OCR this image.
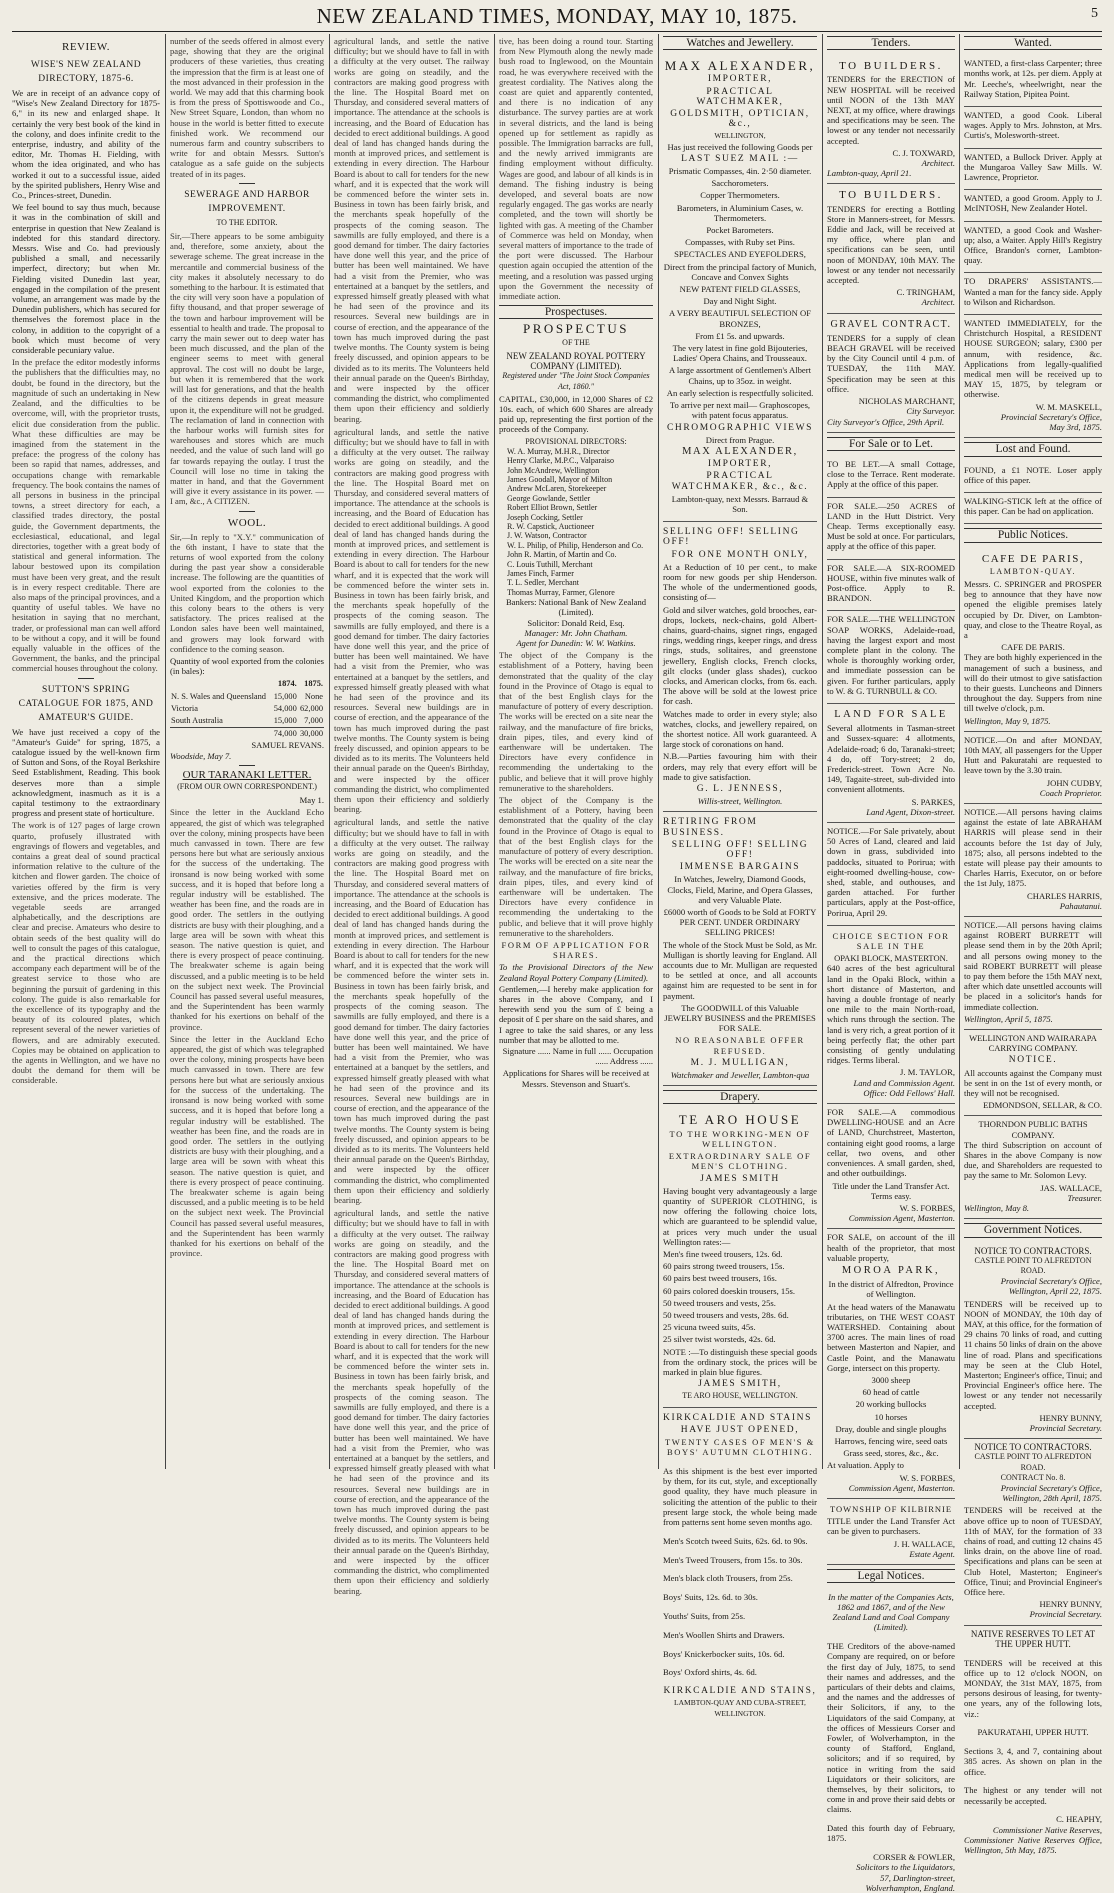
NEW ZEALAND TIMES, MONDAY, MAY 10, 1875.	5
REVIEW.
WISE'S NEW ZEALAND DIRECTORY, 1875-6.

We are in receipt of an advance copy of "Wise's New Zealand Directory for 1875-6," in its new and enlarged shape. It certainly the very best book of the kind in the colony, and does infinite credit to the enterprise, industry, and ability of the editor, Mr. Thomas H. Fielding, with whom the idea originated, and who has worked it out to a successful issue, aided by the spirited publishers, Henry Wise and Co., Princes-street, Dunedin.

We feel bound to say thus much, because it was in the combination of skill and enterprise in question that New Zealand is indebted for this standard directory. Messrs. Wise and Co. had previously published a small, and necessarily imperfect, directory; but when Mr. Fielding visited Dunedin last year, engaged in the compilation of the present volume, an arrangement was made by the Dunedin publishers, which has secured for themselves the foremost place in the colony, in addition to the copyright of a book which must become of very considerable pecuniary value.

In the preface the editor modestly informs the publishers that the difficulties may, no doubt, be found in the directory, but the magnitude of such an undertaking in New Zealand, and the difficulties to be overcome, will, with the proprietor trusts, elicit due consideration from the public. What these difficulties are may be imagined from the statement in the preface: the progress of the colony has been so rapid that names, addresses, and occupations change with remarkable frequency. The book contains the names of all persons in business in the principal towns, a street directory for each, a classified trades directory, the postal guide, the Government departments, the ecclesiastical, educational, and legal directories, together with a great body of statistical and general information. The labour bestowed upon its compilation must have been very great, and the result is in every respect creditable. There are also maps of the principal provinces, and a quantity of useful tables. We have no hesitation in saying that no merchant, trader, or professional man can well afford to be without a copy, and it will be found equally valuable in the offices of the Government, the banks, and the principal commercial houses throughout the colony.

SUTTON'S SPRING CATALOGUE FOR 1875, AND AMATEUR'S GUIDE.

We have just received a copy of the "Amateur's Guide" for spring, 1875, a catalogue issued by the well-known firm of Sutton and Sons, of the Royal Berkshire Seed Establishment, Reading. This book deserves more than a simple acknowledgment, inasmuch as it is a capital testimony to the extraordinary progress and present state of horticulture.

The work is of 127 pages of large crown quarto, profusely illustrated with engravings of flowers and vegetables, and contains a great deal of sound practical information relative to the culture of the kitchen and flower garden. The choice of varieties offered by the firm is very extensive, and the prices moderate. The vegetable seeds are arranged alphabetically, and the descriptions are clear and precise. Amateurs who desire to obtain seeds of the best quality will do well to consult the pages of this catalogue, and the practical directions which accompany each department will be of the greatest service to those who are beginning the pursuit of gardening in this colony. The guide is also remarkable for the excellence of its typography and the beauty of its coloured plates, which represent several of the newer varieties of flowers, and are admirably executed. Copies may be obtained on application to the agents in Wellington, and we have no doubt the demand for them will be considerable.

number of the seeds offered in almost every page, showing that they are the original producers of these varieties, thus creating the impression that the firm is at least one of the most advanced in their profession in the world. We may add that this charming book is from the press of Spottiswoode and Co., New Street Square, London, than whom no house in the world is better fitted to execute finished work. We recommend our numerous farm and country subscribers to write for and obtain Messrs. Sutton's catalogue as a safe guide on the subjects treated of in its pages.

SEWERAGE AND HARBOR IMPROVEMENT.
TO THE EDITOR.

Sir,—There appears to be some ambiguity and, therefore, some anxiety, about the sewerage scheme. The great increase in the mercantile and commercial business of the city makes it absolutely necessary to do something to the harbour. It is estimated that the city will very soon have a population of fifty thousand, and that proper sewerage of the town and harbour improvement will be essential to health and trade. The proposal to carry the main sewer out to deep water has been much discussed, and the plan of the engineer seems to meet with general approval. The cost will no doubt be large, but when it is remembered that the work will last for generations, and that the health of the citizens depends in great measure upon it, the expenditure will not be grudged. The reclamation of land in connection with the harbour works will furnish sites for warehouses and stores which are much needed, and the value of such land will go far towards repaying the outlay. I trust the Council will lose no time in taking the matter in hand, and that the Government will give it every assistance in its power. — I am, &c., A CITIZEN.

WOOL.

Sir,—In reply to "X.Y." communication of the 6th instant, I have to state that the returns of wool exported from the colony during the past year show a considerable increase. The following are the quantities of wool exported from the colonies to the United Kingdom, and the proportion which this colony bears to the others is very satisfactory. The prices realised at the London sales have been well maintained, and growers may look forward with confidence to the coming season.

Quantity of wool exported from the colonies (in bales):

	1874.	1875.
N. S. Wales and Queensland	15,000	None
Victoria	54,000	62,000
South Australia	15,000	7,000
	74,000	30,000
SAMUEL REVANS.
Woodside, May 7.
OUR TARANAKI LETTER.
(FROM OUR OWN CORRESPONDENT.)
May 1.

Since the letter in the Auckland Echo appeared, the gist of which was telegraphed over the colony, mining prospects have been much canvassed in town. There are few persons here but what are seriously anxious for the success of the undertaking. The ironsand is now being worked with some success, and it is hoped that before long a regular industry will be established. The weather has been fine, and the roads are in good order. The settlers in the outlying districts are busy with their ploughing, and a large area will be sown with wheat this season. The native question is quiet, and there is every prospect of peace continuing. The breakwater scheme is again being discussed, and a public meeting is to be held on the subject next week. The Provincial Council has passed several useful measures, and the Superintendent has been warmly thanked for his exertions on behalf of the province.

Since the letter in the Auckland Echo appeared, the gist of which was telegraphed over the colony, mining prospects have been much canvassed in town. There are few persons here but what are seriously anxious for the success of the undertaking. The ironsand is now being worked with some success, and it is hoped that before long a regular industry will be established. The weather has been fine, and the roads are in good order. The settlers in the outlying districts are busy with their ploughing, and a large area will be sown with wheat this season. The native question is quiet, and there is every prospect of peace continuing. The breakwater scheme is again being discussed, and a public meeting is to be held on the subject next week. The Provincial Council has passed several useful measures, and the Superintendent has been warmly thanked for his exertions on behalf of the province.

agricultural lands, and settle the native difficulty; but we should have to fall in with a difficulty at the very outset. The railway works are going on steadily, and the contractors are making good progress with the line. The Hospital Board met on Thursday, and considered several matters of importance. The attendance at the schools is increasing, and the Board of Education has decided to erect additional buildings. A good deal of land has changed hands during the month at improved prices, and settlement is extending in every direction. The Harbour Board is about to call for tenders for the new wharf, and it is expected that the work will be commenced before the winter sets in. Business in town has been fairly brisk, and the merchants speak hopefully of the prospects of the coming season. The sawmills are fully employed, and there is a good demand for timber. The dairy factories have done well this year, and the price of butter has been well maintained. We have had a visit from the Premier, who was entertained at a banquet by the settlers, and expressed himself greatly pleased with what he had seen of the province and its resources. Several new buildings are in course of erection, and the appearance of the town has much improved during the past twelve months. The County system is being freely discussed, and opinion appears to be divided as to its merits. The Volunteers held their annual parade on the Queen's Birthday, and were inspected by the officer commanding the district, who complimented them upon their efficiency and soldierly bearing.

agricultural lands, and settle the native difficulty; but we should have to fall in with a difficulty at the very outset. The railway works are going on steadily, and the contractors are making good progress with the line. The Hospital Board met on Thursday, and considered several matters of importance. The attendance at the schools is increasing, and the Board of Education has decided to erect additional buildings. A good deal of land has changed hands during the month at improved prices, and settlement is extending in every direction. The Harbour Board is about to call for tenders for the new wharf, and it is expected that the work will be commenced before the winter sets in. Business in town has been fairly brisk, and the merchants speak hopefully of the prospects of the coming season. The sawmills are fully employed, and there is a good demand for timber. The dairy factories have done well this year, and the price of butter has been well maintained. We have had a visit from the Premier, who was entertained at a banquet by the settlers, and expressed himself greatly pleased with what he had seen of the province and its resources. Several new buildings are in course of erection, and the appearance of the town has much improved during the past twelve months. The County system is being freely discussed, and opinion appears to be divided as to its merits. The Volunteers held their annual parade on the Queen's Birthday, and were inspected by the officer commanding the district, who complimented them upon their efficiency and soldierly bearing.

agricultural lands, and settle the native difficulty; but we should have to fall in with a difficulty at the very outset. The railway works are going on steadily, and the contractors are making good progress with the line. The Hospital Board met on Thursday, and considered several matters of importance. The attendance at the schools is increasing, and the Board of Education has decided to erect additional buildings. A good deal of land has changed hands during the month at improved prices, and settlement is extending in every direction. The Harbour Board is about to call for tenders for the new wharf, and it is expected that the work will be commenced before the winter sets in. Business in town has been fairly brisk, and the merchants speak hopefully of the prospects of the coming season. The sawmills are fully employed, and there is a good demand for timber. The dairy factories have done well this year, and the price of butter has been well maintained. We have had a visit from the Premier, who was entertained at a banquet by the settlers, and expressed himself greatly pleased with what he had seen of the province and its resources. Several new buildings are in course of erection, and the appearance of the town has much improved during the past twelve months. The County system is being freely discussed, and opinion appears to be divided as to its merits. The Volunteers held their annual parade on the Queen's Birthday, and were inspected by the officer commanding the district, who complimented them upon their efficiency and soldierly bearing.

agricultural lands, and settle the native difficulty; but we should have to fall in with a difficulty at the very outset. The railway works are going on steadily, and the contractors are making good progress with the line. The Hospital Board met on Thursday, and considered several matters of importance. The attendance at the schools is increasing, and the Board of Education has decided to erect additional buildings. A good deal of land has changed hands during the month at improved prices, and settlement is extending in every direction. The Harbour Board is about to call for tenders for the new wharf, and it is expected that the work will be commenced before the winter sets in. Business in town has been fairly brisk, and the merchants speak hopefully of the prospects of the coming season. The sawmills are fully employed, and there is a good demand for timber. The dairy factories have done well this year, and the price of butter has been well maintained. We have had a visit from the Premier, who was entertained at a banquet by the settlers, and expressed himself greatly pleased with what he had seen of the province and its resources. Several new buildings are in course of erection, and the appearance of the town has much improved during the past twelve months. The County system is being freely discussed, and opinion appears to be divided as to its merits. The Volunteers held their annual parade on the Queen's Birthday, and were inspected by the officer commanding the district, who complimented them upon their efficiency and soldierly bearing.

tive, has been doing a round tour. Starting from New Plymouth along the newly made bush road to Inglewood, on the Mountain road, he was everywhere received with the greatest cordiality. The Natives along the coast are quiet and apparently contented, and there is no indication of any disturbance. The survey parties are at work in several districts, and the land is being opened up for settlement as rapidly as possible. The Immigration barracks are full, and the newly arrived immigrants are finding employment without difficulty. Wages are good, and labour of all kinds is in demand. The fishing industry is being developed, and several boats are now regularly engaged. The gas works are nearly completed, and the town will shortly be lighted with gas. A meeting of the Chamber of Commerce was held on Monday, when several matters of importance to the trade of the port were discussed. The Harbour question again occupied the attention of the meeting, and a resolution was passed urging upon the Government the necessity of immediate action.

Prospectuses.
PROSPECTUS
OF THE
NEW ZEALAND ROYAL POTTERY COMPANY (LIMITED).
Registered under "The Joint Stock Companies Act, 1860."

CAPITAL, £30,000, in 12,000 Shares of £2 10s. each, of which 600 Shares are already paid up, representing the first portion of the proceeds of the Company.

PROVISIONAL DIRECTORS:
W. A. Murray, M.H.R., Director
Henry Clarke, M.P.C., Valparaiso
John McAndrew, Wellington
James Goodall, Mayor of Milton
Andrew McLaren, Storekeeper
George Gowlande, Settler
Robert Elliot Brown, Settler
Joseph Cocking, Settler
R. W. Capstick, Auctioneer
J. W. Watson, Contractor
W. L. Philip, of Philip, Henderson and Co.
John R. Martin, of Martin and Co.
C. Louis Tuthill, Merchant
James Finch, Farmer
T. L. Sedler, Merchant
Thomas Murray, Farmer, Glenore
Bankers: National Bank of New Zealand (Limited).
Solicitor: Donald Reid, Esq.
Manager: Mr. John Chatham.
Agent for Dunedin: W. W. Watkins.

The object of the Company is the establishment of a Pottery, having been demonstrated that the quality of the clay found in the Province of Otago is equal to that of the best English clays for the manufacture of pottery of every description. The works will be erected on a site near the railway, and the manufacture of fire bricks, drain pipes, tiles, and every kind of earthenware will be undertaken. The Directors have every confidence in recommending the undertaking to the public, and believe that it will prove highly remunerative to the shareholders.

The object of the Company is the establishment of a Pottery, having been demonstrated that the quality of the clay found in the Province of Otago is equal to that of the best English clays for the manufacture of pottery of every description. The works will be erected on a site near the railway, and the manufacture of fire bricks, drain pipes, tiles, and every kind of earthenware will be undertaken. The Directors have every confidence in recommending the undertaking to the public, and believe that it will prove highly remunerative to the shareholders.

FORM OF APPLICATION FOR SHARES.

To the Provisional Directors of the New Zealand Royal Pottery Company (Limited).

Gentlemen,—I hereby make application for shares in the above Company, and I herewith send you the sum of £ being a deposit of £ per share on the said shares, and I agree to take the said shares, or any less number that may be allotted to me.

Signature ...... Name in full ...... Occupation ...... Address ......

Applications for Shares will be received at Messrs. Stevenson and Stuart's.

Watches and Jewellery.
MAX ALEXANDER,
IMPORTER,
PRACTICAL WATCHMAKER,
GOLDSMITH, OPTICIAN, &c.,
WELLINGTON,

Has just received the following Goods per

LAST SUEZ MAIL :—

Prismatic Compasses, 4in. 2·50 diameter.

Sacchorometers.

Copper Thermometers.

Barometers, in Aluminium Cases, w. Thermometers.

Pocket Barometers.

Compasses, with Ruby set Pins.

SPECTACLES AND EYEFOLDERS,

Direct from the principal factory of Munich, Concave and Convex Sights

NEW PATENT FIELD GLASSES,

Day and Night Sight.

A VERY BEAUTIFUL SELECTION OF BRONZES,

From £1 5s. and upwards.

The very latest in fine gold Bijouteries, Ladies' Opera Chains, and Trousseaux.

A large assortment of Gentlemen's Albert Chains, up to 35oz. in weight.

An early selection is respectfully solicited.

To arrive per next mail— Graphoscopes, with patent focus apparatus.

CHROMOGRAPHIC VIEWS

Direct from Prague.

MAX ALEXANDER,
IMPORTER,
PRACTICAL WATCHMAKER, &c., &c.

Lambton-quay, next Messrs. Barraud & Son.

SELLING OFF! SELLING OFF!
FOR ONE MONTH ONLY,

At a Reduction of 10 per cent., to make room for new goods per ship Henderson. The whole of the undermentioned goods, consisting of—

Gold and silver watches, gold brooches, ear-drops, lockets, neck-chains, gold Albert-chains, guard-chains, signet rings, engaged rings, wedding rings, keeper rings, and dress rings, studs, solitaires, and greenstone jewellery, English clocks, French clocks, gilt clocks (under glass shades), cuckoo clocks, and American clocks, from 6s. each. The above will be sold at the lowest price for cash.

Watches made to order in every style; also watches, clocks, and jewellery repaired, on the shortest notice. All work guaranteed. A large stock of coronations on hand.

N.B.—Parties favouring him with their orders, may rely that every effort will be made to give satisfaction.

G. L. JENNESS,
Willis-street, Wellington.
RETIRING FROM BUSINESS.
SELLING OFF! SELLING OFF!
IMMENSE BARGAINS

In Watches, Jewelry, Diamond Goods, Clocks, Field, Marine, and Opera Glasses, and very Valuable Plate.

£6000 worth of Goods to be Sold at FORTY PER CENT. UNDER ORDINARY SELLING PRICES!

The whole of the Stock Must be Sold, as Mr. Mulligan is shortly leaving for England. All accounts due to Mr. Mulligan are requested to be settled at once, and all accounts against him are requested to be sent in for payment.

The GOODWILL of this Valuable JEWELRY BUSINESS and the PREMISES FOR SALE.

NO REASONABLE OFFER REFUSED.
M. J. MULLIGAN,
Watchmaker and Jeweller, Lambton-qua
Drapery.
TE ARO HOUSE
TO THE WORKING-MEN OF WELLINGTON.
EXTRAORDINARY SALE OF MEN'S CLOTHING.
JAMES SMITH

Having bought very advantageously a large quantity of SUPERIOR CLOTHING, is now offering the following choice lots, which are guaranteed to be splendid value, at prices very much under the usual Wellington rates:—

Men's fine tweed trousers, 12s. 6d.

60 pairs strong tweed trousers, 15s.

60 pairs best tweed trousers, 16s.

60 pairs colored doeskin trousers, 15s.

50 tweed trousers and vests, 25s.

50 tweed trousers and vests, 28s. 6d.

25 vicuna tweed suits, 45s.

25 silver twist worsteds, 42s. 6d.

NOTE :—To distinguish these special goods from the ordinary stock, the prices will be marked in plain blue figures.

JAMES SMITH,
TE ARO HOUSE, WELLINGTON.
KIRKCALDIE AND STAINS
HAVE JUST OPENED,
TWENTY CASES OF MEN'S & BOYS' AUTUMN CLOTHING.

As this shipment is the best ever imported by them, for its cut, style, and exceptionally good quality, they have much pleasure in soliciting the attention of the public to their present large stock, the whole being made from patterns sent home seven months ago.

Men's Scotch tweed Suits, 62s. 6d. to 90s.

Men's Tweed Trousers, from 15s. to 30s.

Men's black cloth Trousers, from 25s.

Boys' Suits, 12s. 6d. to 30s.

Youths' Suits, from 25s.

Men's Woollen Shirts and Drawers.

Boys' Knickerbocker suits, 10s. 6d.

Boys' Oxford shirts, 4s. 6d.

KIRKCALDIE AND STAINS,
LAMBTON-QUAY AND CUBA-STREET, WELLINGTON.
Tenders.
TO BUILDERS.

TENDERS for the ERECTION of NEW HOSPITAL will be received until NOON of the 13th MAY NEXT, at my office, where drawings and specifications may be seen. The lowest or any tender not necessarily accepted.

C. J. TOXWARD,
Architect.
Lambton-quay, April 21.
TO BUILDERS.

TENDERS for erecting a Bottling Store in Manners-street, for Messrs. Eddie and Jack, will be received at my office, where plan and specifications can be seen, until noon of MONDAY, 10th MAY. The lowest or any tender not necessarily accepted.

C. TRINGHAM,
Architect.
GRAVEL CONTRACT.

TENDERS for a supply of clean BEACH GRAVEL will be received by the City Council until 4 p.m. of TUESDAY, the 11th MAY. Specification may be seen at this office.

NICHOLAS MARCHANT,
City Surveyor.
City Surveyor's Office, 29th April.
For Sale or to Let.

TO BE LET.—A small Cottage, close to the Terrace. Rent moderate. Apply at the office of this paper.

FOR SALE.—250 ACRES of LAND in the Hutt District. Very Cheap. Terms exceptionally easy. Must be sold at once. For particulars, apply at the office of this paper.

FOR SALE.—A SIX-ROOMED HOUSE, within five minutes walk of Post-office. Apply to R. BRANDON.

FOR SALE.—THE WELLINGTON SOAP WORKS, Adelaide-road, having the largest export and most complete plant in the colony. The whole is thoroughly working order, and immediate possession can be given. For further particulars, apply to W. & G. TURNBULL & CO.

LAND FOR SALE

Several allotments in Tasman-street and Sussex-square: 4 allotments, Adelaide-road; 6 do, Taranaki-street; 4 do, off Tory-street; 2 do, Frederick-street. Town Acre No. 149, Tagaite-street, sub-divided into convenient allotments.

S. PARKES,
Land Agent, Dixon-street.

NOTICE.—For Sale privately, about 50 Acres of Land, cleared and laid down in grass, subdivided into paddocks, situated to Porirua; with eight-roomed dwelling-house, cow-shed, stable, and outhouses, and garden attached. For further particulars, apply at the Post-office, Porirua, April 29.

CHOICE SECTION FOR SALE IN THE
OPAKI BLOCK, MASTERTON.

640 acres of the best agricultural land in the Opaki Block, within a short distance of Masterton, and having a double frontage of nearly one mile to the main North-road, which runs through the section. The land is very rich, a great portion of it being perfectly flat; the other part consisting of gently undulating ridges. Terms liberal.

J. M. TAYLOR,
Land and Commission Agent.
Office: Odd Fellows' Hall.

FOR SALE.—A commodious DWELLING-HOUSE and an Acre of LAND, Churchstreet, Masterton, containing eight good rooms, a large cellar, two ovens, and other conveniences. A small garden, shed, and other outbuildings.

Title under the Land Transfer Act. Terms easy.

W. S. FORBES,
Commission Agent, Masterton.

FOR SALE, on account of the ill health of the proprietor, that most valuable property,

MOROA PARK,

In the district of Alfredton, Province of Wellington.

At the head waters of the Manawatu tributaries, on THE WEST COAST WATERSHED. Containing about 3700 acres. The main lines of road between Masterton and Napier, and Castle Point, and the Manawatu Gorge, intersect on this property.

3000 sheep

60 head of cattle

20 working bullocks

10 horses

Dray, double and single ploughs

Harrows, fencing wire, seed oats

Grass seed, stores, &c., &c.

At valuation. Apply to

W. S. FORBES,
Commission Agent, Masterton.
TOWNSHIP OF KILBIRNIE

TITLE under the Land Transfer Act can be given to purchasers.

J. H. WALLACE,
Estate Agent.
Legal Notices.

In the matter of the Companies Acts, 1862 and 1867, and of the New Zealand Land and Coal Company (Limited).

THE Creditors of the above-named Company are required, on or before the first day of July, 1875, to send their names and addresses, and the particulars of their debts and claims, and the names and the addresses of their Solicitors, if any, to the Liquidators of the said Company, at the offices of Messieurs Corser and Fowler, of Wolverhampton, in the county of Stafford, England, solicitors; and if so required, by notice in writing from the said Liquidators or their solicitors, are themselves, by their solicitors, to come in and prove their said debts or claims.

Dated this fourth day of February, 1875.

CORSER & FOWLER,
Solicitors to the Liquidators,
57, Darlington-street, Wolverhampton, England.
Wanted.

WANTED, a first-class Carpenter; three months work, at 12s. per diem. Apply at Mr. Leeche's, wheelwright, near the Railway Station, Pipitea Point.

WANTED, a good Cook. Liberal wages. Apply to Mrs. Johnston, at Mrs. Curtis's, Molesworth-street.

WANTED, a Bullock Driver. Apply at the Mungaroa Valley Saw Mills. W. Lawrence, Proprietor.

WANTED, a good Groom. Apply to J. McINTOSH, New Zealander Hotel.

WANTED, a good Cook and Washer-up; also, a Waiter. Apply Hill's Registry Office, Brandon's corner, Lambton-quay.

TO DRAPERS' ASSISTANTS.—Wanted a man for the fancy side. Apply to Wilson and Richardson.

WANTED IMMEDIATELY, for the Christchurch Hospital, a RESIDENT HOUSE SURGEON; salary, £300 per annum, with residence, &c. Applications from legally-qualified medical men will be received up to MAY 15, 1875, by telegram or otherwise.

W. M. MASKELL,
Provincial Secretary's Office,
May 3rd, 1875.
Lost and Found.

FOUND, a £1 NOTE. Loser apply office of this paper.

WALKING-STICK left at the office of this paper. Can be had on application.

Public Notices.
CAFE DE PARIS,
LAMBTON-QUAY.

Messrs. C. SPRINGER and PROSPER beg to announce that they have now opened the eligible premises lately occupied by Dr. Diver, on Lambton-quay, and close to the Theatre Royal, as a

CAFE DE PARIS.

They are both highly experienced in the management of such a business, and will do their utmost to give satisfaction to their guests. Luncheons and Dinners throughout the day. Suppers from nine till twelve o'clock, p.m.

Wellington, May 9, 1875.

NOTICE.—On and after MONDAY, 10th MAY, all passengers for the Upper Hutt and Pakuratahi are requested to leave town by the 3.30 train.

JOHN CUDBY,
Coach Proprietor.

NOTICE.—All persons having claims against the estate of late ABRAHAM HARRIS will please send in their accounts before the 1st day of July, 1875; also, all persons indebted to the estate will please pay their amounts to Charles Harris, Executor, on or before the 1st July, 1875.

CHARLES HARRIS,
Pahautanui.

NOTICE.—All persons having claims against ROBERT BURRETT will please send them in by the 20th April; and all persons owing money to the said ROBERT BURRETT will please to pay them before the 15th MAY next, after which date unsettled accounts will be placed in a solicitor's hands for immediate collection.

Wellington, April 5, 1875.
WELLINGTON AND WAIRARAPA CARRYING COMPANY.
NOTICE.

All accounts against the Company must be sent in on the 1st of every month, or they will not be recognised.

EDMONDSON, SELLAR, & CO.
THORNDON PUBLIC BATHS COMPANY.

The third Subscription on account of Shares in the above Company is now due, and Shareholders are requested to pay the same to Mr. Solomon Levy.

JAS. WALLACE,
Treasurer.
Wellington, May 8.
Government Notices.
NOTICE TO CONTRACTORS.
CASTLE POINT TO ALFREDTON ROAD.

Provincial Secretary's Office, Wellington, April 22, 1875.

TENDERS will be received up to NOON of MONDAY, the 10th day of MAY, at this office, for the formation of 29 chains 70 links of road, and cutting 11 chains 50 links of drain on the above line of road. Plans and specifications may be seen at the Club Hotel, Masterton; Engineer's office, Tinui; and Provincial Engineer's office here. The lowest or any tender not necessarily accepted.

HENRY BUNNY,
Provincial Secretary.
NOTICE TO CONTRACTORS.
CASTLE POINT TO ALFREDTON ROAD.
CONTRACT No. 8.

Provincial Secretary's Office, Wellington, 28th April, 1875.

TENDERS will be received at the above office up to noon of TUESDAY, 11th of MAY, for the formation of 33 chains of road, and cutting 12 chains 45 links drain, on the above line of road. Specifications and plans can be seen at Club Hotel, Masterton; Engineer's Office, Tinui; and Provincial Engineer's Office here.

HENRY BUNNY,
Provincial Secretary.
NATIVE RESERVES TO LET AT THE UPPER HUTT.

TENDERS will be received at this office up to 12 o'clock NOON, on MONDAY, the 31st MAY, 1875, from persons desirous of leasing, for twenty-one years, any of the following lots, viz.:

PAKURATAHI, UPPER HUTT.

Sections 3, 4, and 7, containing about 385 acres. As shown on plan in the office.

The highest or any tender will not necessarily be accepted.

C. HEAPHY,
Commissioner Native Reserves,
Commissioner Native Reserves Office, Wellington, 5th May, 1875.
